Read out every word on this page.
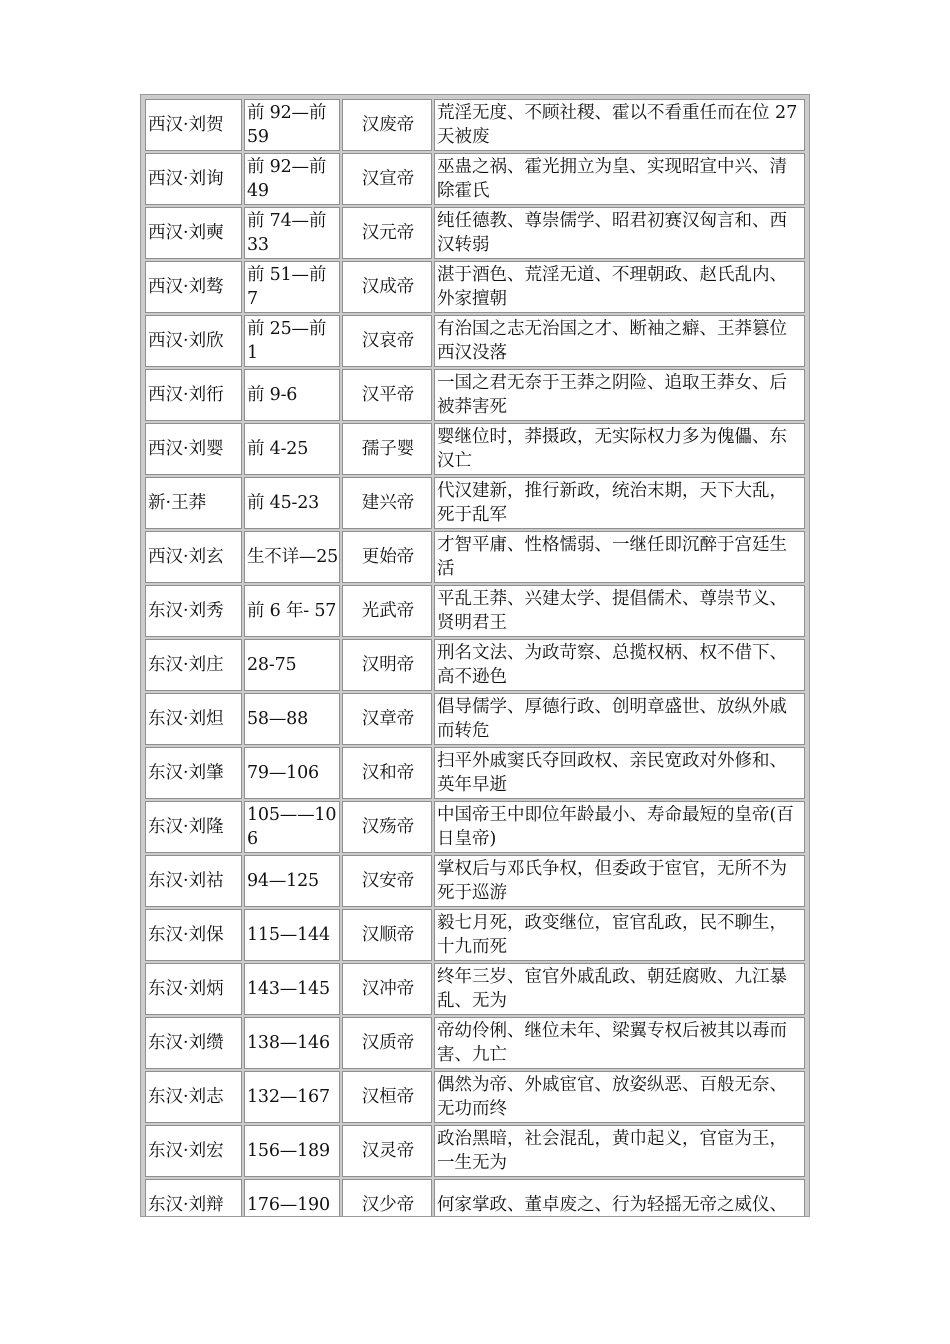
西汉·刘贺	前 92—前 59	汉废帝	荒淫无度、不顾社稷、霍以不看重任而在位 27 天被废
西汉·刘询	前 92—前 49	汉宣帝	巫蛊之祸、霍光拥立为皇、实现昭宣中兴、清除霍氏
西汉·刘奭	前 74—前 33	汉元帝	纯任德教、尊崇儒学、昭君初赛汉匈言和、西汉转弱
西汉·刘骜	前 51—前 7	汉成帝	湛于酒色、荒淫无道、不理朝政、赵氏乱内、外家擅朝
西汉·刘欣	前 25—前 1	汉哀帝	有治国之志无治国之才、断袖之癖、王莽篡位西汉没落
西汉·刘衎	前 9-6	汉平帝	一国之君无奈于王莽之阴险、追取王莽女、后被莽害死
西汉·刘婴	前 4-25	孺子婴	婴继位时，莽摄政，无实际权力多为傀儡、东汉亡
新·王莽	前 45-23	建兴帝	代汉建新，推行新政，统治末期，天下大乱，死于乱军
西汉·刘玄	生不详—25	更始帝	才智平庸、性格懦弱、一继任即沉醉于宫廷生活
东汉·刘秀	前 6 年- 57	光武帝	平乱王莽、兴建太学、提倡儒术、尊崇节义、贤明君王
东汉·刘庄	28-75	汉明帝	刑名文法、为政苛察、总揽权柄、权不借下、高不逊色
东汉·刘炟	58—88	汉章帝	倡导儒学、厚德行政、创明章盛世、放纵外戚而转危
东汉·刘肇	79—106	汉和帝	扫平外戚窦氏夺回政权、亲民宽政对外修和、英年早逝
东汉·刘隆	105——106	汉殇帝	中国帝王中即位年龄最小、寿命最短的皇帝(百日皇帝)
东汉·刘祜	94—125	汉安帝	掌权后与邓氏争权，但委政于宦官，无所不为死于巡游
东汉·刘保	115—144	汉顺帝	毅七月死，政变继位，宦官乱政，民不聊生，十九而死
东汉·刘炳	143—145	汉冲帝	终年三岁、宦官外戚乱政、朝廷腐败、九江暴乱、无为
东汉·刘缵	138—146	汉质帝	帝幼伶俐、继位未年、梁翼专权后被其以毒而害、九亡
东汉·刘志	132—167	汉桓帝	偶然为帝、外戚宦官、放姿纵恶、百般无奈、无功而终
东汉·刘宏	156—189	汉灵帝	政治黑暗，社会混乱，黄巾起义，官宦为王，一生无为
东汉·刘辩	176—190	汉少帝	何家掌政、董卓废之、行为轻摇无帝之威仪、
